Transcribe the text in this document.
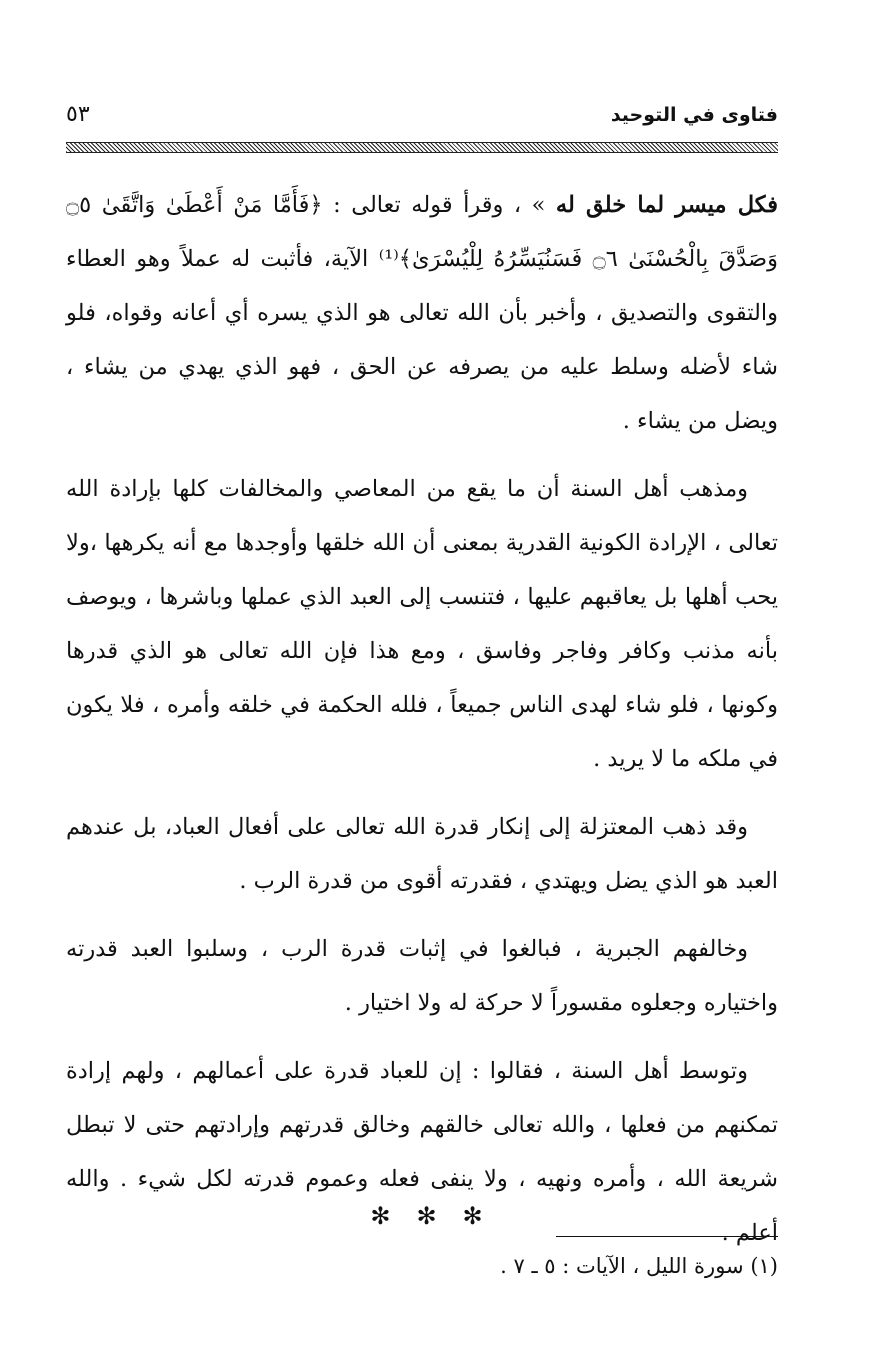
فتاوى في التوحيد
٥٣

فكل ميسر لما خلق له » ، وقرأ قوله تعالى : ﴿فَأَمَّا مَنْ أَعْطَىٰ وَاتَّقَىٰ ۝٥ وَصَدَّقَ بِالْحُسْنَىٰ ۝٦ فَسَنُيَسِّرُهُ لِلْيُسْرَىٰ﴾⁽¹⁾ الآية، فأثبت له عملاً وهو العطاء والتقوى والتصديق ، وأخبر بأن الله تعالى هو الذي يسره أي أعانه وقواه، فلو شاء لأضله وسلط عليه من يصرفه عن الحق ، فهو الذي يهدي من يشاء ، ويضل من يشاء .

ومذهب أهل السنة أن ما يقع من المعاصي والمخالفات كلها بإرادة الله تعالى ، الإرادة الكونية القدرية بمعنى أن الله خلقها وأوجدها مع أنه يكرهها ،ولا يحب أهلها بل يعاقبهم عليها ، فتنسب إلى العبد الذي عملها وباشرها ، ويوصف بأنه مذنب وكافر وفاجر وفاسق ، ومع هذا فإن الله تعالى هو الذي قدرها وكونها ، فلو شاء لهدى الناس جميعاً ، فلله الحكمة في خلقه وأمره ، فلا يكون في ملكه ما لا يريد .

وقد ذهب المعتزلة إلى إنكار قدرة الله تعالى على أفعال العباد، بل عندهم العبد هو الذي يضل ويهتدي ، فقدرته أقوى من قدرة الرب .

وخالفهم الجبرية ، فبالغوا في إثبات قدرة الرب ، وسلبوا العبد قدرته واختياره وجعلوه مقسوراً لا حركة له ولا اختيار .

وتوسط أهل السنة ، فقالوا : إن للعباد قدرة على أعمالهم ، ولهم إرادة تمكنهم من فعلها ، والله تعالى خالقهم وخالق قدرتهم وإرادتهم حتى لا تبطل شريعة الله ، وأمره ونهيه ، ولا ينفى فعله وعموم قدرته لكل شيء . والله أعلم .

✻✻✻
(١) سورة الليل ، الآيات : ٥ ـ ٧ .
